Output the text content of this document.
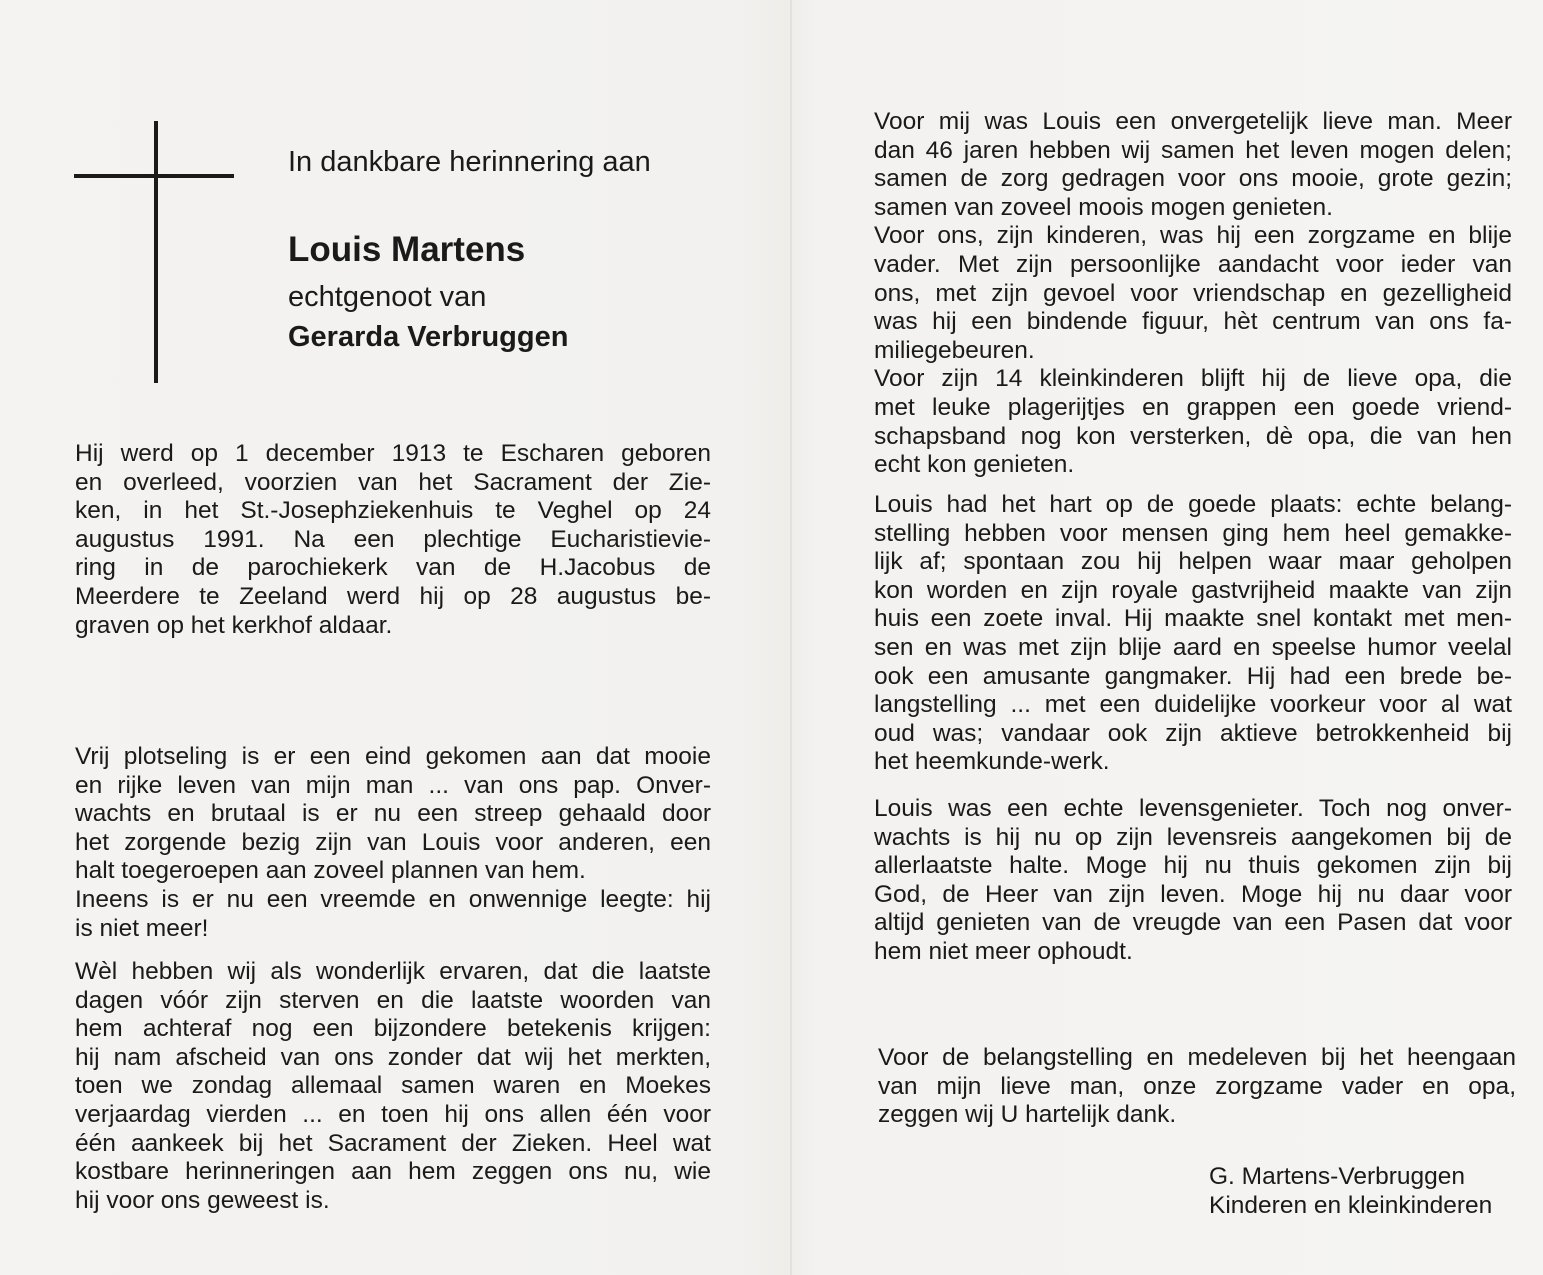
In dankbare herinnering aan
Louis Martens
echtgenoot van
Gerarda Verbruggen
Hij werd op 1 december 1913 te Escharen geboren
en overleed, voorzien van het Sacrament der Zie-
ken, in het St.-Josephziekenhuis te Veghel op 24
augustus 1991. Na een plechtige Eucharistievie-
ring in de parochiekerk van de H.Jacobus de
Meerdere te Zeeland werd hij op 28 augustus be-
graven op het kerkhof aldaar.
Vrij plotseling is er een eind gekomen aan dat mooie
en rijke leven van mijn man ... van ons pap. Onver-
wachts en brutaal is er nu een streep gehaald door
het zorgende bezig zijn van Louis voor anderen, een
halt toegeroepen aan zoveel plannen van hem.
Ineens is er nu een vreemde en onwennige leegte: hij
is niet meer!
Wèl hebben wij als wonderlijk ervaren, dat die laatste
dagen vóór zijn sterven en die laatste woorden van
hem achteraf nog een bijzondere betekenis krijgen:
hij nam afscheid van ons zonder dat wij het merkten,
toen we zondag allemaal samen waren en Moekes
verjaardag vierden ... en toen hij ons allen één voor
één aankeek bij het Sacrament der Zieken. Heel wat
kostbare herinneringen aan hem zeggen ons nu, wie
hij voor ons geweest is.
Voor mij was Louis een onvergetelijk lieve man. Meer
dan 46 jaren hebben wij samen het leven mogen delen;
samen de zorg gedragen voor ons mooie, grote gezin;
samen van zoveel moois mogen genieten.
Voor ons, zijn kinderen, was hij een zorgzame en blije
vader. Met zijn persoonlijke aandacht voor ieder van
ons, met zijn gevoel voor vriendschap en gezelligheid
was hij een bindende figuur, hèt centrum van ons fa-
miliegebeuren.
Voor zijn 14 kleinkinderen blijft hij de lieve opa, die
met leuke plagerijtjes en grappen een goede vriend-
schapsband nog kon versterken, dè opa, die van hen
echt kon genieten.
Louis had het hart op de goede plaats: echte belang-
stelling hebben voor mensen ging hem heel gemakke-
lijk af; spontaan zou hij helpen waar maar geholpen
kon worden en zijn royale gastvrijheid maakte van zijn
huis een zoete inval. Hij maakte snel kontakt met men-
sen en was met zijn blije aard en speelse humor veelal
ook een amusante gangmaker. Hij had een brede be-
langstelling ... met een duidelijke voorkeur voor al wat
oud was; vandaar ook zijn aktieve betrokkenheid bij
het heemkunde-werk.
Louis was een echte levensgenieter. Toch nog onver-
wachts is hij nu op zijn levensreis aangekomen bij de
allerlaatste halte. Moge hij nu thuis gekomen zijn bij
God, de Heer van zijn leven. Moge hij nu daar voor
altijd genieten van de vreugde van een Pasen dat voor
hem niet meer ophoudt.
Voor de belangstelling en medeleven bij het heengaan
van mijn lieve man, onze zorgzame vader en opa,
zeggen wij U hartelijk dank.
G. Martens-Verbruggen
Kinderen en kleinkinderen
